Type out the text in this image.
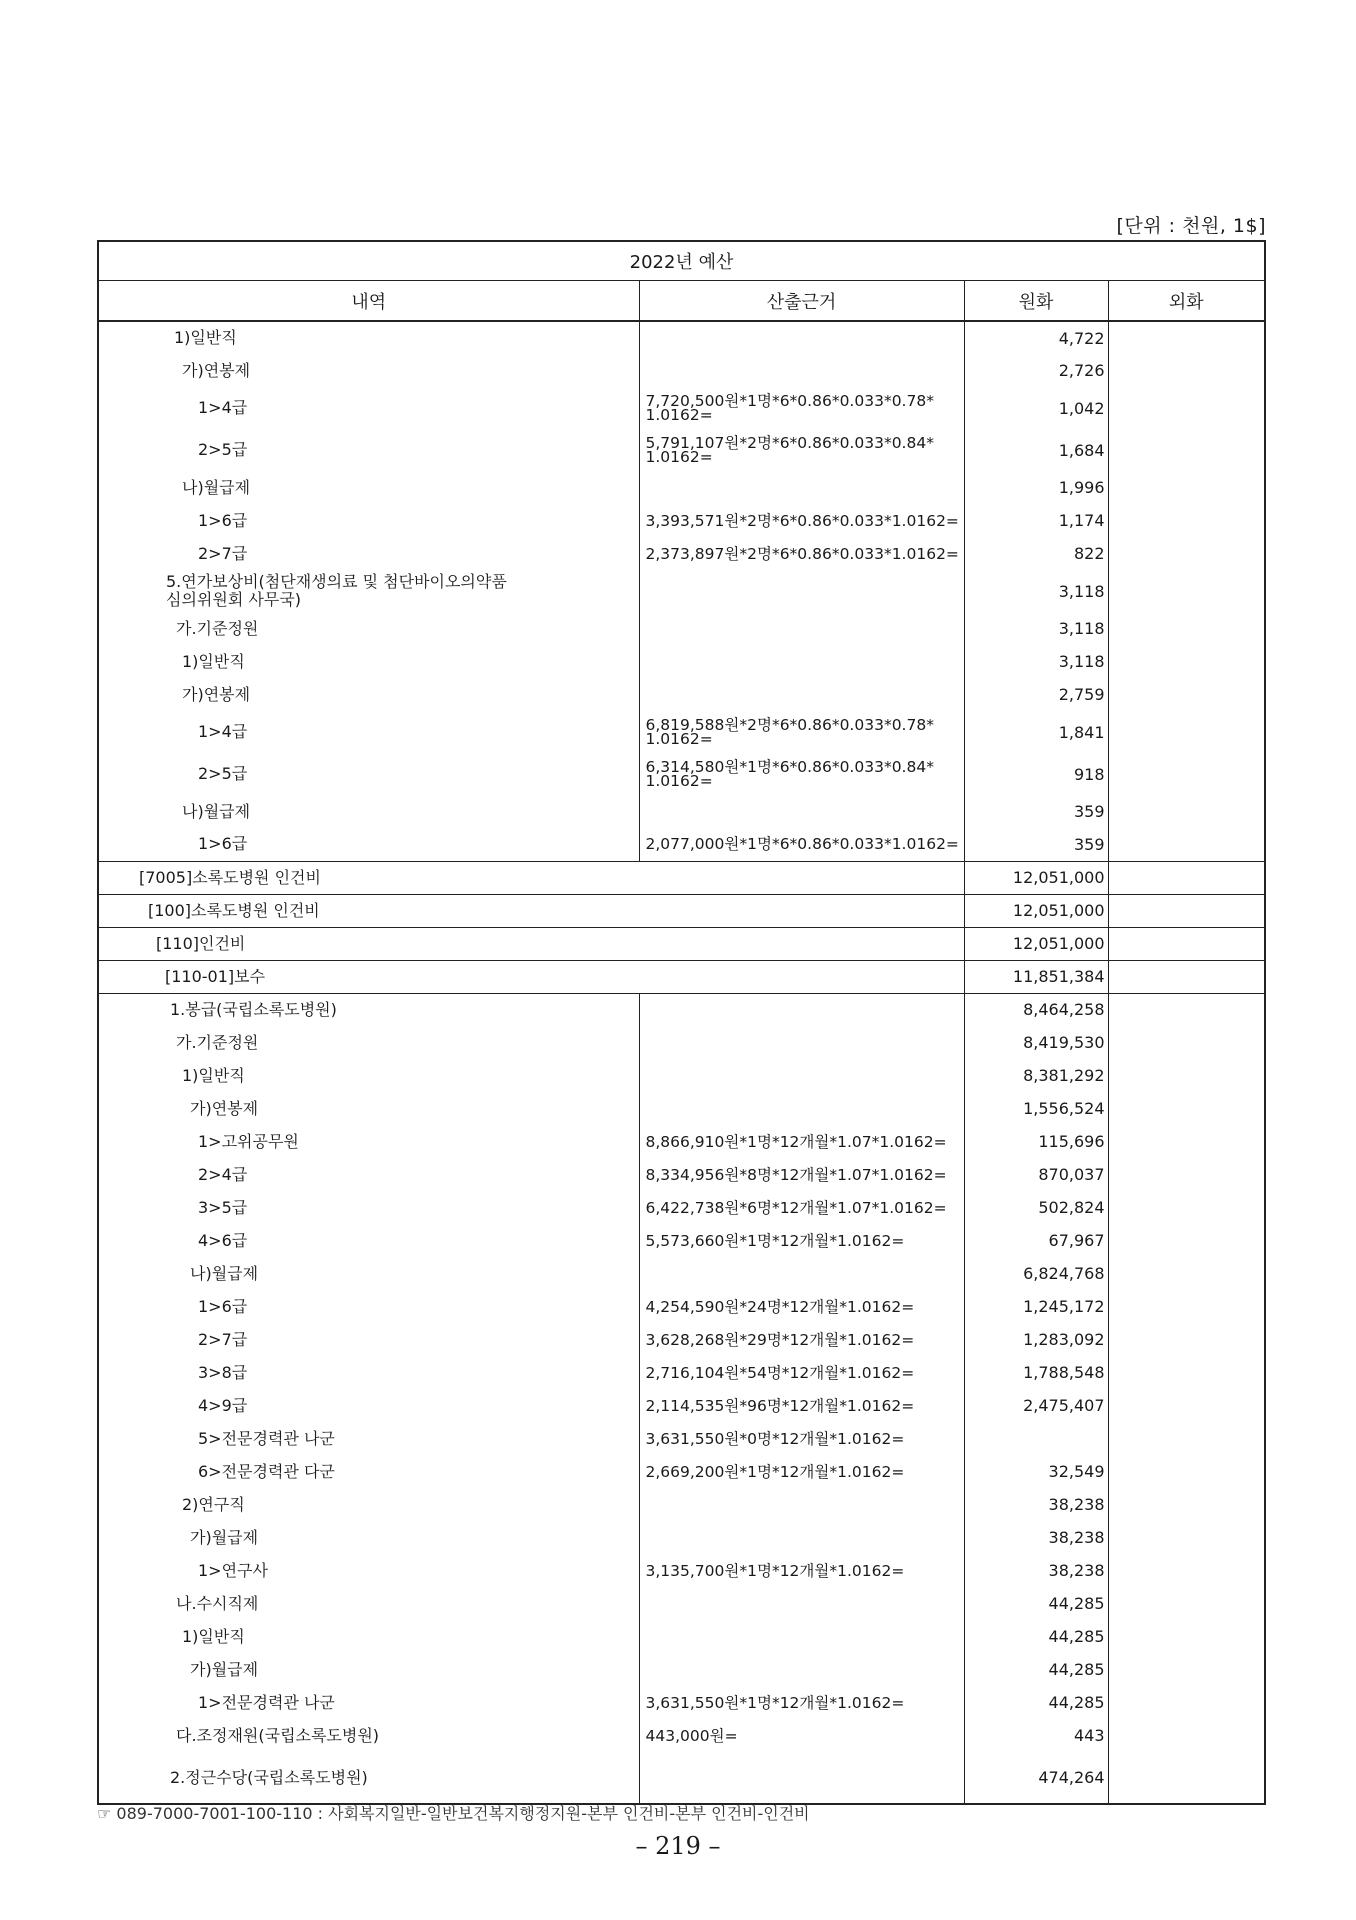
[단위 : 천원, 1$]
2022년 예산			
내역	산출근거	원화	외화
1)일반직		4,722	
가)연봉제		2,726	
1>4급	7,720,500원*1명*6*0.86*0.033*0.78*
1.0162=	1,042	
2>5급	5,791,107원*2명*6*0.86*0.033*0.84*
1.0162=	1,684	
나)월급제		1,996	
1>6급	3,393,571원*2명*6*0.86*0.033*1.0162=	1,174	
2>7급	2,373,897원*2명*6*0.86*0.033*1.0162=	822	
5.연가보상비(첨단재생의료 및 첨단바이오의약품
심의위원회 사무국)		3,118	
가.기준정원		3,118	
1)일반직		3,118	
가)연봉제		2,759	
1>4급	6,819,588원*2명*6*0.86*0.033*0.78*
1.0162=	1,841	
2>5급	6,314,580원*1명*6*0.86*0.033*0.84*
1.0162=	918	
나)월급제		359	
1>6급	2,077,000원*1명*6*0.86*0.033*1.0162=	359	
[7005]소록도병원 인건비		12,051,000	
[100]소록도병원 인건비		12,051,000	
[110]인건비		12,051,000	
[110-01]보수		11,851,384	
1.봉급(국립소록도병원)		8,464,258	
가.기준정원		8,419,530	
1)일반직		8,381,292	
가)연봉제		1,556,524	
1>고위공무원	8,866,910원*1명*12개월*1.07*1.0162=	115,696	
2>4급	8,334,956원*8명*12개월*1.07*1.0162=	870,037	
3>5급	6,422,738원*6명*12개월*1.07*1.0162=	502,824	
4>6급	5,573,660원*1명*12개월*1.0162=	67,967	
나)월급제		6,824,768	
1>6급	4,254,590원*24명*12개월*1.0162=	1,245,172	
2>7급	3,628,268원*29명*12개월*1.0162=	1,283,092	
3>8급	2,716,104원*54명*12개월*1.0162=	1,788,548	
4>9급	2,114,535원*96명*12개월*1.0162=	2,475,407	
5>전문경력관 나군	3,631,550원*0명*12개월*1.0162=		
6>전문경력관 다군	2,669,200원*1명*12개월*1.0162=	32,549	
2)연구직		38,238	
가)월급제		38,238	
1>연구사	3,135,700원*1명*12개월*1.0162=	38,238	
나.수시직제		44,285	
1)일반직		44,285	
가)월급제		44,285	
1>전문경력관 나군	3,631,550원*1명*12개월*1.0162=	44,285	
다.조정재원(국립소록도병원)	443,000원=	443	
2.정근수당(국립소록도병원)		474,264	
☞ 089-7000-7001-100-110 : 사회복지일반-일반보건복지행정지원-본부 인건비-본부 인건비-인건비
– 219 –
